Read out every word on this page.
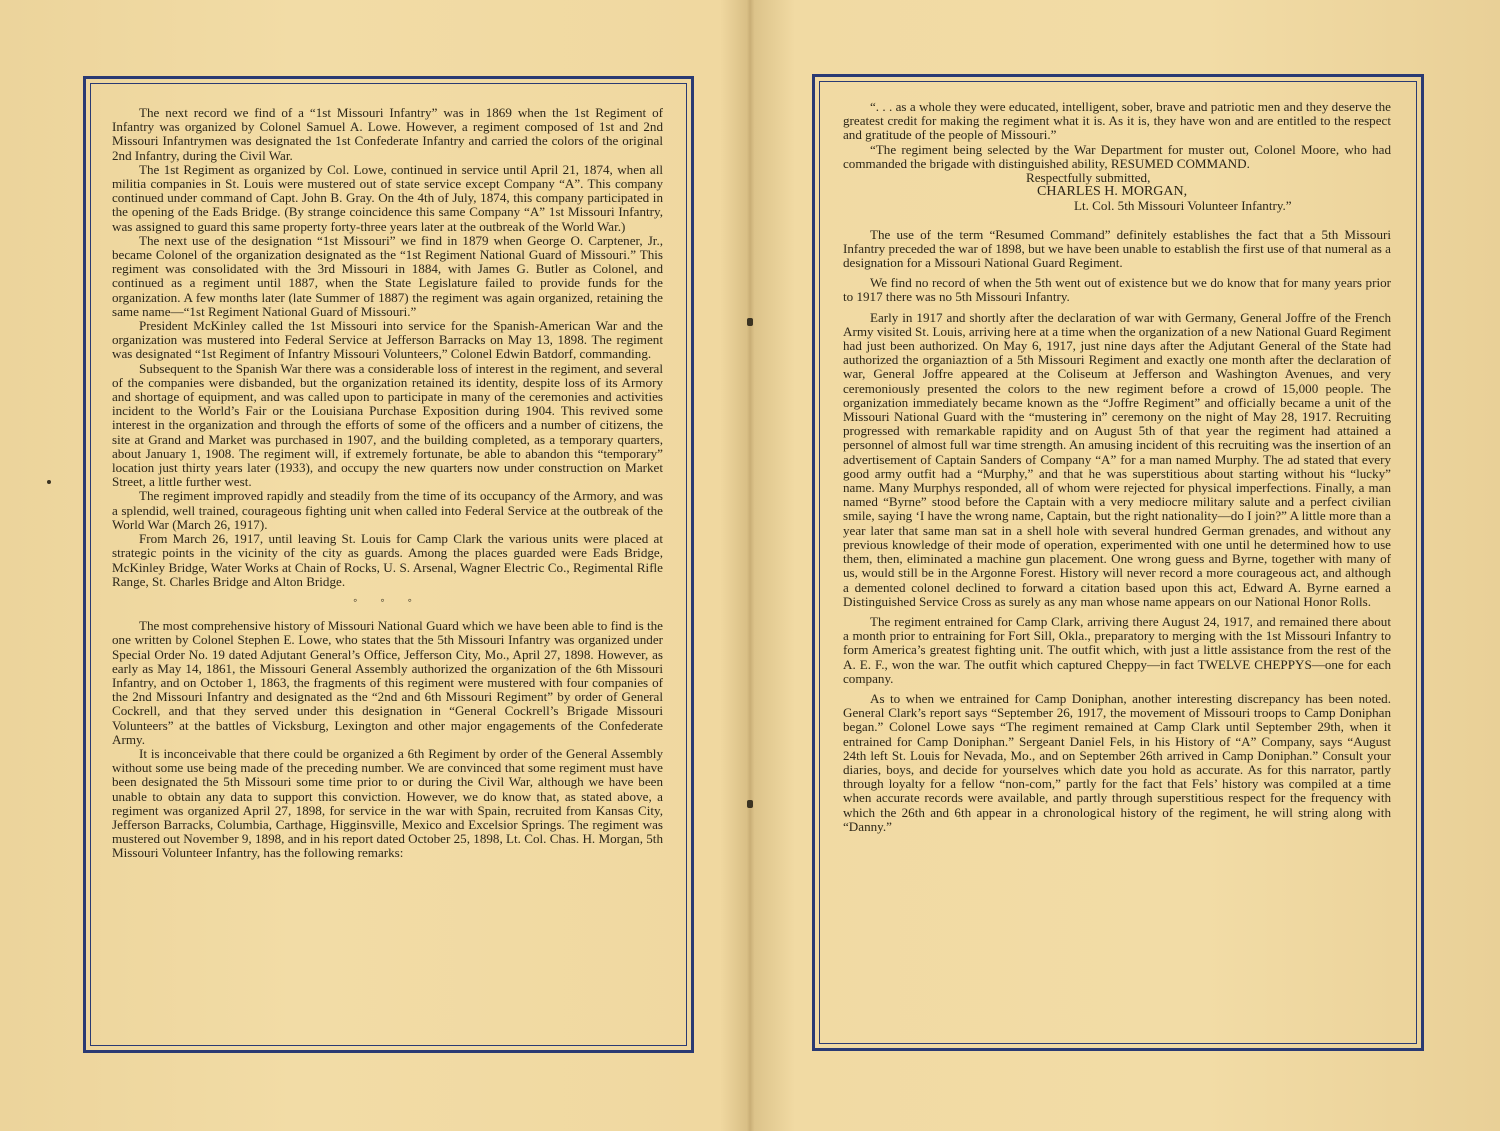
The next record we find of a “1st Missouri Infantry” was in 1869 when the 1st Regiment of Infantry was organized by Colonel Samuel A. Lowe. However, a regiment composed of 1st and 2nd Missouri Infantrymen was designated the 1st Confederate Infantry and carried the colors of the original 2nd Infantry, during the Civil War.

The 1st Regiment as organized by Col. Lowe, continued in service until April 21, 1874, when all militia companies in St. Louis were mustered out of state service except Company “A”. This company continued under command of Capt. John B. Gray. On the 4th of July, 1874, this company participated in the opening of the Eads Bridge. (By strange coincidence this same Company “A” 1st Missouri Infantry, was assigned to guard this same property forty-three years later at the outbreak of the World War.)

The next use of the designation “1st Missouri” we find in 1879 when George O. Carptener, Jr., became Colonel of the organization designated as the “1st Regiment National Guard of Missouri.” This regiment was consolidated with the 3rd Missouri in 1884, with James G. Butler as Colonel, and continued as a regiment until 1887, when the State Legislature failed to provide funds for the organization. A few months later (late Summer of 1887) the regiment was again organized, retaining the same name—“1st Regiment National Guard of Missouri.”

President McKinley called the 1st Missouri into service for the Spanish-American War and the organization was mustered into Federal Service at Jefferson Barracks on May 13, 1898. The regiment was designated “1st Regiment of Infantry Missouri Volunteers,” Colonel Edwin Batdorf, commanding.

Subsequent to the Spanish War there was a considerable loss of interest in the regiment, and several of the companies were disbanded, but the organization retained its identity, despite loss of its Armory and shortage of equipment, and was called upon to participate in many of the ceremonies and activities incident to the World’s Fair or the Louisiana Purchase Exposition during 1904. This revived some interest in the organization and through the efforts of some of the officers and a number of citizens, the site at Grand and Market was purchased in 1907, and the building completed, as a temporary quarters, about January 1, 1908. The regiment will, if extremely fortunate, be able to abandon this “temporary” location just thirty years later (1933), and occupy the new quarters now under construction on Market Street, a little further west.

The regiment improved rapidly and steadily from the time of its occupancy of the Armory, and was a splendid, well trained, courageous fighting unit when called into Federal Service at the outbreak of the World War (March 26, 1917).

From March 26, 1917, until leaving St. Louis for Camp Clark the various units were placed at strategic points in the vicinity of the city as guards. Among the places guarded were Eads Bridge, McKinley Bridge, Water Works at Chain of Rocks, U. S. Arsenal, Wagner Electric Co., Regimental Rifle Range, St. Charles Bridge and Alton Bridge.

◦ ◦ ◦

The most comprehensive history of Missouri National Guard which we have been able to find is the one written by Colonel Stephen E. Lowe, who states that the 5th Missouri Infantry was organized under Special Order No. 19 dated Adjutant General’s Office, Jefferson City, Mo., April 27, 1898. However, as early as May 14, 1861, the Missouri General Assembly authorized the organization of the 6th Missouri Infantry, and on October 1, 1863, the fragments of this regiment were mustered with four companies of the 2nd Missouri Infantry and designated as the “2nd and 6th Missouri Regiment” by order of General Cockrell, and that they served under this designation in “General Cockrell’s Brigade Missouri Volunteers” at the battles of Vicksburg, Lexington and other major engagements of the Confederate Army.

It is inconceivable that there could be organized a 6th Regiment by order of the General Assembly without some use being made of the preceding number. We are convinced that some regiment must have been designated the 5th Missouri some time prior to or during the Civil War, although we have been unable to obtain any data to support this conviction. However, we do know that, as stated above, a regiment was organized April 27, 1898, for service in the war with Spain, recruited from Kansas City, Jefferson Barracks, Columbia, Carthage, Higginsville, Mexico and Excelsior Springs. The regiment was mustered out November 9, 1898, and in his report dated October 25, 1898, Lt. Col. Chas. H. Morgan, 5th Missouri Volunteer Infantry, has the following remarks:

“. . . as a whole they were educated, intelligent, sober, brave and patriotic men and they deserve the greatest credit for making the regiment what it is. As it is, they have won and are entitled to the respect and gratitude of the people of Missouri.”

“The regiment being selected by the War Department for muster out, Colonel Moore, who had commanded the brigade with distinguished ability, RESUMED COMMAND.

Respectfully submitted,

CHARLES H. MORGAN,

Lt. Col. 5th Missouri Volunteer Infantry.”

The use of the term “Resumed Command” definitely establishes the fact that a 5th Missouri Infantry preceded the war of 1898, but we have been unable to establish the first use of that numeral as a designation for a Missouri National Guard Regiment.

We find no record of when the 5th went out of existence but we do know that for many years prior to 1917 there was no 5th Missouri Infantry.

Early in 1917 and shortly after the declaration of war with Germany, General Joffre of the French Army visited St. Louis, arriving here at a time when the organization of a new National Guard Regiment had just been authorized. On May 6, 1917, just nine days after the Adjutant General of the State had authorized the organiaztion of a 5th Missouri Regiment and exactly one month after the declaration of war, General Joffre appeared at the Coliseum at Jefferson and Washington Avenues, and very ceremoniously presented the colors to the new regiment before a crowd of 15,000 people. The organization immediately became known as the “Joffre Regiment” and officially became a unit of the Missouri National Guard with the “mustering in” ceremony on the night of May 28, 1917. Recruiting progressed with remarkable rapidity and on August 5th of that year the regiment had attained a personnel of almost full war time strength. An amusing incident of this recruiting was the insertion of an advertisement of Captain Sanders of Company “A” for a man named Murphy. The ad stated that every good army outfit had a “Murphy,” and that he was superstitious about starting without his “lucky” name. Many Murphys responded, all of whom were rejected for physical imperfections. Finally, a man named “Byrne” stood before the Captain with a very mediocre military salute and a perfect civilian smile, saying ‘I have the wrong name, Captain, but the right nationality—do I join?” A little more than a year later that same man sat in a shell hole with several hundred German grenades, and without any previous knowledge of their mode of operation, experimented with one until he determined how to use them, then, eliminated a machine gun placement. One wrong guess and Byrne, together with many of us, would still be in the Argonne Forest. History will never record a more courageous act, and although a demented colonel declined to forward a citation based upon this act, Edward A. Byrne earned a Distinguished Service Cross as surely as any man whose name appears on our National Honor Rolls.

The regiment entrained for Camp Clark, arriving there August 24, 1917, and remained there about a month prior to entraining for Fort Sill, Okla., preparatory to merging with the 1st Missouri Infantry to form America’s greatest fighting unit. The outfit which, with just a little assistance from the rest of the A. E. F., won the war. The outfit which captured Cheppy—in fact TWELVE CHEPPYS—one for each company.

As to when we entrained for Camp Doniphan, another interesting discrepancy has been noted. General Clark’s report says “September 26, 1917, the movement of Missouri troops to Camp Doniphan began.” Colonel Lowe says “The regiment remained at Camp Clark until September 29th, when it entrained for Camp Doniphan.” Sergeant Daniel Fels, in his History of “A” Company, says “August 24th left St. Louis for Nevada, Mo., and on September 26th arrived in Camp Doniphan.” Consult your diaries, boys, and decide for yourselves which date you hold as accurate. As for this narrator, partly through loyalty for a fellow “non-com,” partly for the fact that Fels’ history was compiled at a time when accurate records were available, and partly through superstitious respect for the frequency with which the 26th and 6th appear in a chronological history of the regiment, he will string along with “Danny.”
